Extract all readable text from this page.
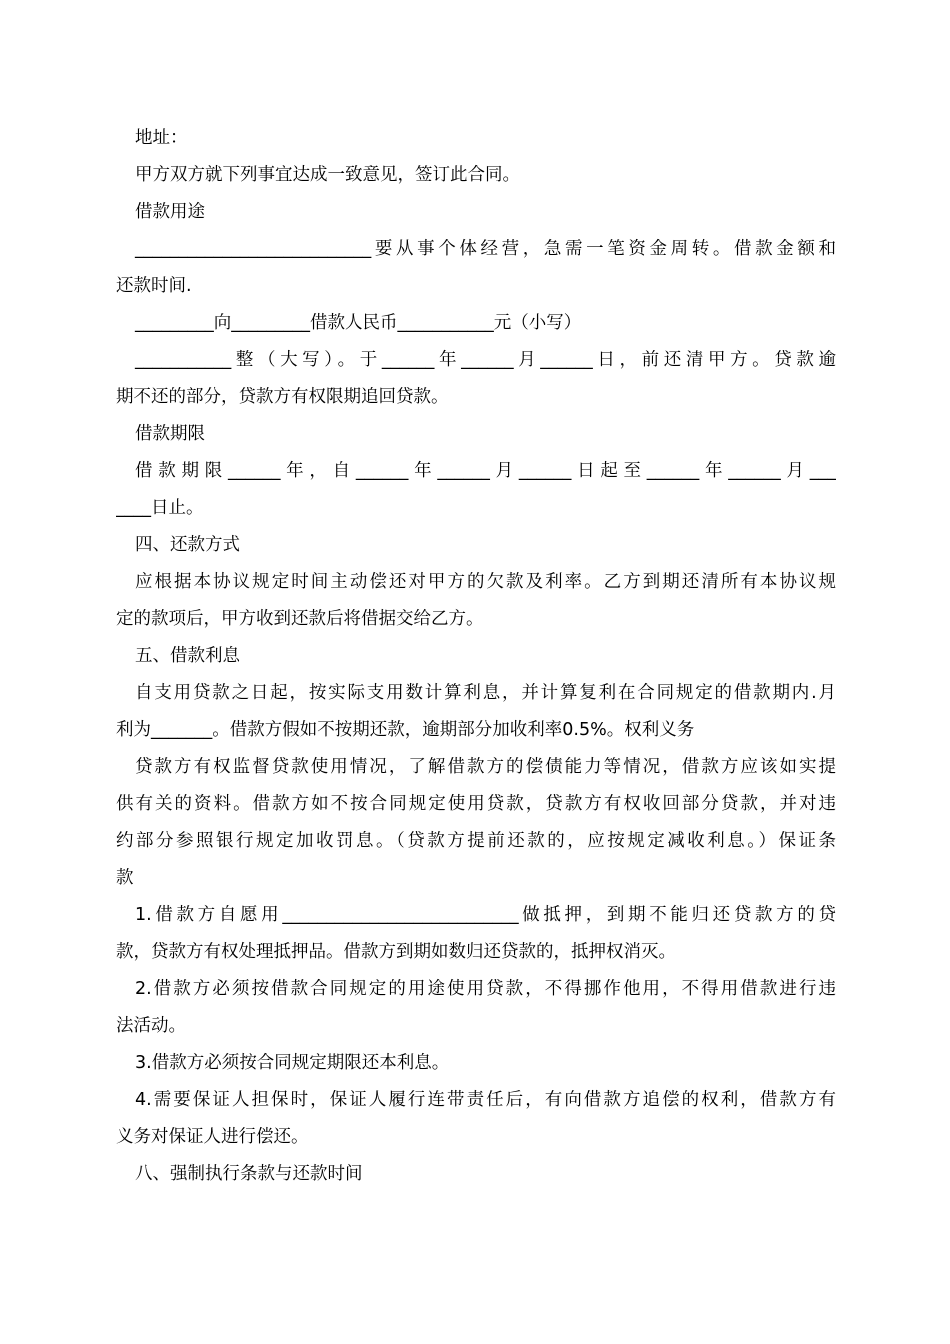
地址：

甲方双方就下列事宜达成一致意见，签订此合同。

借款用途

___________________________要从事个体经营，急需一笔资金周转。借款金额和

还款时间.

_________向_________借款人民币___________元（小写）

___________整（大写）。于______年______月______日，前还清甲方。贷款逾

期不还的部分，贷款方有权限期追回贷款。

借款期限

借款期限______年，自______年______月______日起至______年______月___

____日止。

四、还款方式

应根据本协议规定时间主动偿还对甲方的欠款及利率。乙方到期还清所有本协议规

定的款项后，甲方收到还款后将借据交给乙方。

五、借款利息

自支用贷款之日起，按实际支用数计算利息，并计算复利在合同规定的借款期内.月

利为_______。借款方假如不按期还款，逾期部分加收利率0.5%。权利义务

贷款方有权监督贷款使用情况，了解借款方的偿债能力等情况，借款方应该如实提

供有关的资料。借款方如不按合同规定使用贷款，贷款方有权收回部分贷款，并对违

约部分参照银行规定加收罚息。（贷款方提前还款的，应按规定减收利息。）保证条

款

1.借款方自愿用___________________________做抵押，到期不能归还贷款方的贷

款，贷款方有权处理抵押品。借款方到期如数归还贷款的，抵押权消灭。

2.借款方必须按借款合同规定的用途使用贷款，不得挪作他用，不得用借款进行违

法活动。

3.借款方必须按合同规定期限还本利息。

4.需要保证人担保时，保证人履行连带责任后，有向借款方追偿的权利，借款方有

义务对保证人进行偿还。

八、强制执行条款与还款时间
